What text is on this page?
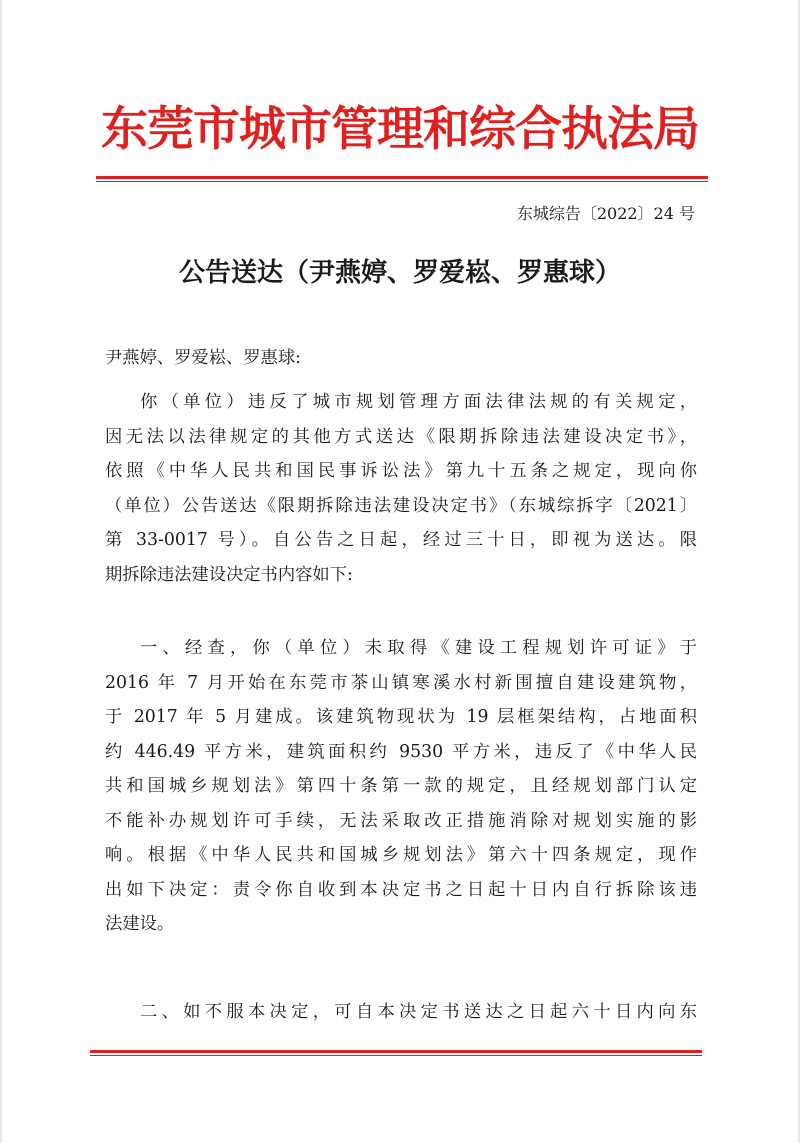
东莞市城市管理和综合执法局
东城综告〔2022〕24 号
公告送达（尹燕婷、罗爱崧、罗惠球）
尹燕婷、罗爱崧、罗惠球:
你（单位）违反了城市规划管理方面法律法规的有关规定，
因无法以法律规定的其他方式送达《限期拆除违法建设决定书》，
依照《中华人民共和国民事诉讼法》第九十五条之规定，现向你
（单位）公告送达《限期拆除违法建设决定书》（东城综拆字〔2021〕
第 33-0017 号）。自公告之日起，经过三十日，即视为送达。限
期拆除违法建设决定书内容如下:
一、经查，你（单位）未取得《建设工程规划许可证》于
2016 年 7 月开始在东莞市茶山镇寒溪水村新围擅自建设建筑物，
于 2017 年 5 月建成。该建筑物现状为 19 层框架结构，占地面积
约 446.49 平方米，建筑面积约 9530 平方米，违反了《中华人民
共和国城乡规划法》第四十条第一款的规定，且经规划部门认定
不能补办规划许可手续，无法采取改正措施消除对规划实施的影
响。根据《中华人民共和国城乡规划法》第六十四条规定，现作
出如下决定：责令你自收到本决定书之日起十日内自行拆除该违
法建设。
二、如不服本决定，可自本决定书送达之日起六十日内向东
